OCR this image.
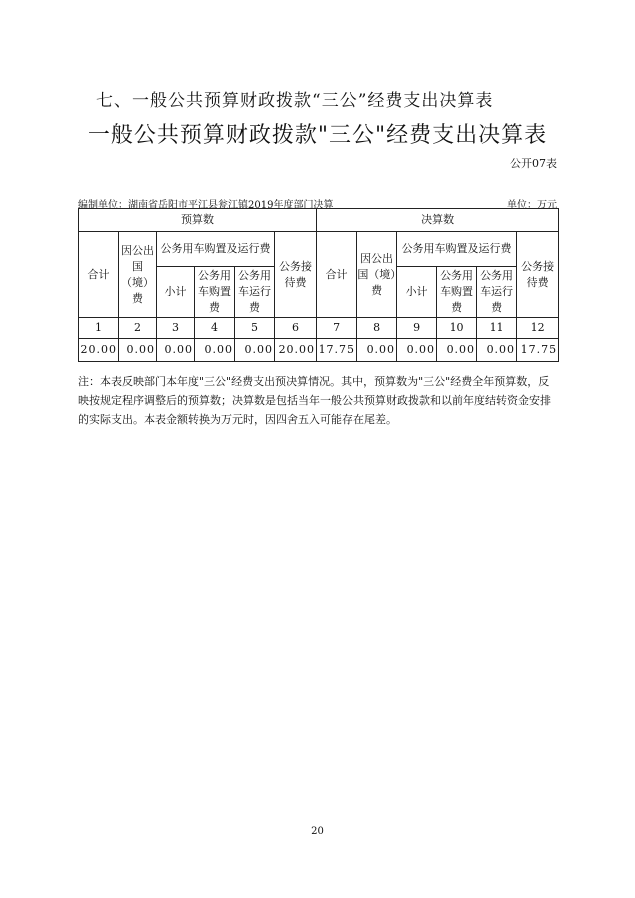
七、一般公共预算财政拨款“三公”经费支出决算表
一般公共预算财政拨款"三公"经费支出决算表
公开07表
编制单位：湖南省岳阳市平江县瓮江镇2019年度部门决算	单位：万元
预算数						决算数					
合计	因公出国（境）费	公务用车购置及运行费			公务接待费	合计	因公出国（境）费	公务用车购置及运行费			公务接待费
		小计	公务用车购置费	公务用车运行费				小计	公务用车购置费	公务用车运行费	
1	2	3	4	5	6	7	8	9	10	11	12
20.00	0.00	0.00	0.00	0.00	20.00	17.75	0.00	0.00	0.00	0.00	17.75
注：本表反映部门本年度"三公"经费支出预决算情况。其中，预算数为"三公"经费全年预算数，反映按规定程序调整后的预算数；决算数是包括当年一般公共预算财政拨款和以前年度结转资金安排的实际支出。本表金额转换为万元时，因四舍五入可能存在尾差。
20
